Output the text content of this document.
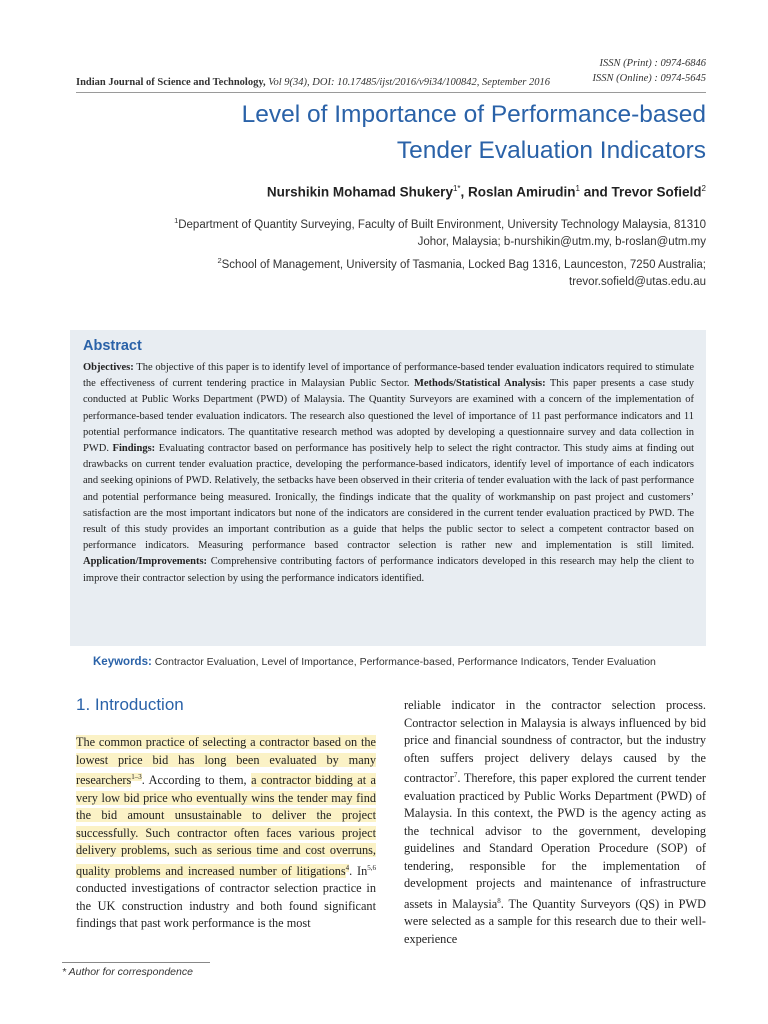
ISSN (Print) : 0974-6846
ISSN (Online) : 0974-5645
Indian Journal of Science and Technology, Vol 9(34), DOI: 10.17485/ijst/2016/v9i34/100842, September 2016
Level of Importance of Performance-based
Tender Evaluation Indicators
Nurshikin Mohamad Shukery$^{1*}$, Roslan Amirudin$^1$ and Trevor Sofield$^2$
$^1$Department of Quantity Surveying, Faculty of Built Environment, University Technology Malaysia, 81310
Johor, Malaysia; b-nurshikin@utm.my, b-roslan@utm.my
$^2$School of Management, University of Tasmania, Locked Bag 1316, Launceston, 7250 Australia;
trevor.sofield@utas.edu.au
Abstract
Objectives: The objective of this paper is to identify level of importance of performance-based tender evaluation indicators required to stimulate the effectiveness of current tendering practice in Malaysian Public Sector. Methods/Statistical Analysis: This paper presents a case study conducted at Public Works Department (PWD) of Malaysia. The Quantity Surveyors are examined with a concern of the implementation of performance-based tender evaluation indicators. The research also questioned the level of importance of 11 past performance indicators and 11 potential performance indicators. The quantitative research method was adopted by developing a questionnaire survey and data collection in PWD. Findings: Evaluating contractor based on performance has positively help to select the right contractor. This study aims at finding out drawbacks on current tender evaluation practice, developing the performance-based indicators, identify level of importance of each indicators and seeking opinions of PWD. Relatively, the setbacks have been observed in their criteria of tender evaluation with the lack of past performance and potential performance being measured. Ironically, the findings indicate that the quality of workmanship on past project and customers’ satisfaction are the most important indicators but none of the indicators are considered in the current tender evaluation practiced by PWD. The result of this study provides an important contribution as a guide that helps the public sector to select a competent contractor based on performance indicators. Measuring performance based contractor selection is rather new and implementation is still limited. Application/Improvements: Comprehensive contributing factors of performance indicators developed in this research may help the client to improve their contractor selection by using the performance indicators identified.
Keywords: Contractor Evaluation, Level of Importance, Performance-based, Performance Indicators, Tender Evaluation
1. Introduction
The common practice of selecting a contractor based on the lowest price bid has long been evaluated by many researchers$^{1-3}$. According to them, a contractor bidding at a very low bid price who eventually wins the tender may find the bid amount unsustainable to deliver the project successfully. Such contractor often faces various project delivery problems, such as serious time and cost overruns, quality problems and increased number of litigations$^4$. In$^{5,6}$ conducted investigations of contractor selection practice in the UK construction industry and both found significant findings that past work performance is the most
reliable indicator in the contractor selection process. Contractor selection in Malaysia is always influenced by bid price and financial soundness of contractor, but the industry often suffers project delivery delays caused by the contractor$^7$. Therefore, this paper explored the current tender evaluation practiced by Public Works Department (PWD) of Malaysia. In this context, the PWD is the agency acting as the technical advisor to the government, developing guidelines and Standard Operation Procedure (SOP) of tendering, responsible for the implementation of development projects and maintenance of infrastructure assets in Malaysia$^8$. The Quantity Surveyors (QS) in PWD were selected as a sample for this research due to their well-experience
* Author for correspondence
